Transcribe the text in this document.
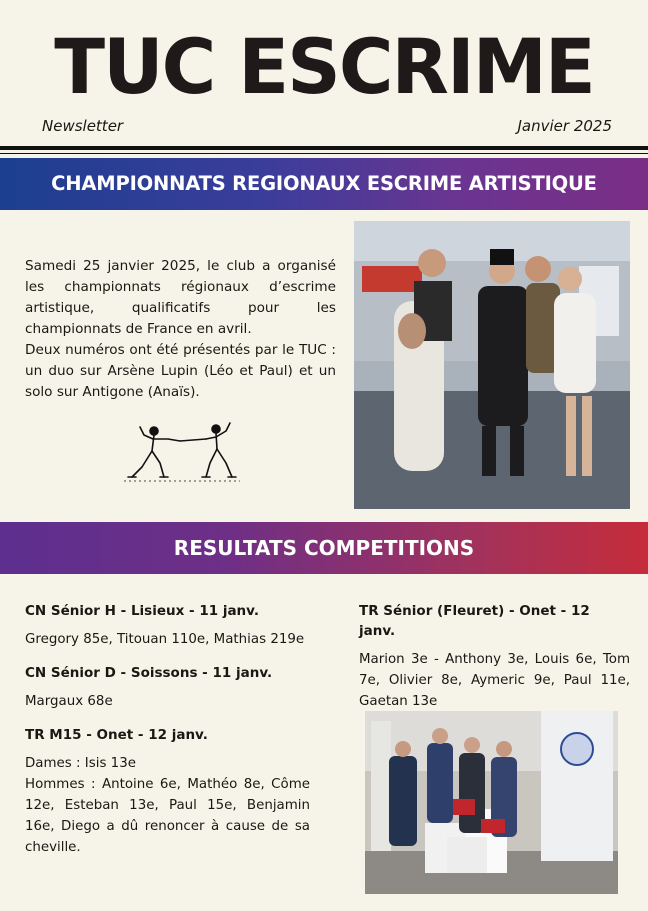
TUC ESCRIME
Newsletter	Janvier 2025
CHAMPIONNATS REGIONAUX ESCRIME ARTISTIQUE

Samedi 25 janvier 2025, le club a organisé les championnats régionaux d’escrime artistique, qualificatifs pour les championnats de France en avril.

Deux numéros ont été présentés par le TUC : un duo sur Arsène Lupin (Léo et Paul) et un solo sur Antigone (Anaïs).

RESULTATS COMPETITIONS
CN Sénior H - Lisieux - 11 janv.
Gregory 85e, Titouan 110e, Mathias 219e
CN Sénior D - Soissons - 11 janv.
Margaux 68e
TR M15 - Onet - 12 janv.
Dames : Isis 13e
Hommes : Antoine 6e, Mathéo 8e, Côme 12e, Esteban 13e, Paul 15e, Benjamin 16e, Diego a dû renoncer à cause de sa cheville.
TR Sénior (Fleuret) - Onet - 12 janv.
Marion 3e - Anthony 3e, Louis 6e, Tom 7e, Olivier 8e, Aymeric 9e, Paul 11e, Gaetan 13e
